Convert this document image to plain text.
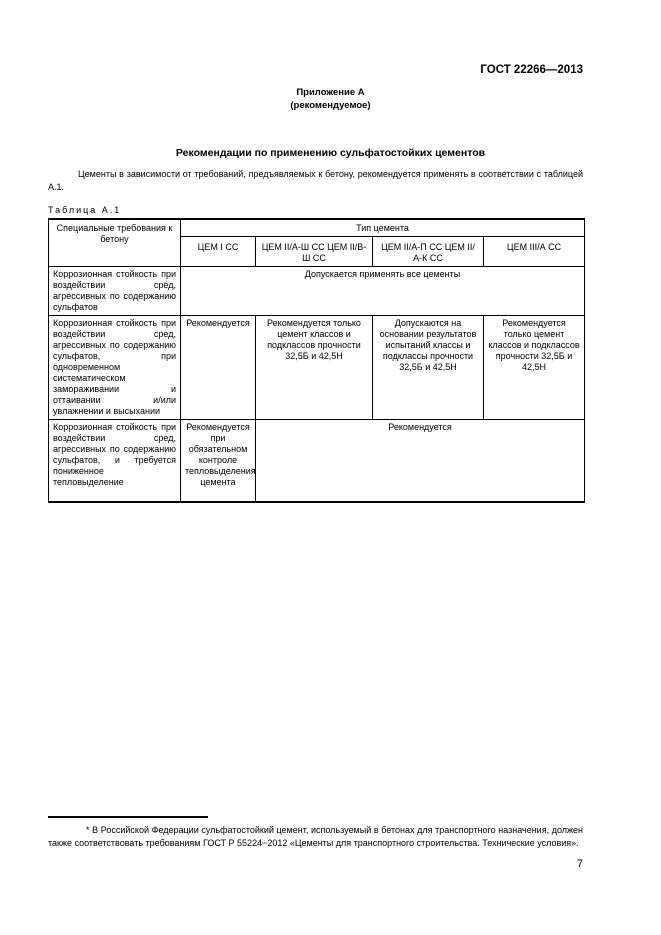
ГОСТ 22266—2013
Приложение А
(рекомендуемое)
Рекомендации по применению сульфатостойких цементов
Цементы в зависимости от требований, предъявляемых к бетону, рекомендуется применять в соответствии с таблицей А.1.
Таблица А.1
Специальные требования к бетону	Тип цемента			
	ЦЕМ I СС	ЦЕМ II/А-Ш СС ЦЕМ II/В-Ш СС	ЦЕМ II/А-П СС ЦЕМ II/А-К СС	ЦЕМ III/А СС
Коррозионная стойкость при воздействии сред, агрессивных по содержанию сульфатов	Допускается применять все цементы			
Коррозионная стойкость при воздействии сред, агрессивных по содержанию сульфатов, при одновременном систематическом замораживании и оттаивании и/или увлажнении и высыхании	Рекомендуется	Рекомендуется только цемент классов и подклассов прочности 32,5Б и 42,5Н	Допускаются на основании результатов испытаний классы и подклассы прочности 32,5Б и 42,5Н	Рекомендуется только цемент классов и подклассов прочности 32,5Б и 42,5Н
Коррозионная стойкость при воздействии сред, агрессивных по содержанию сульфатов, и требуется пониженное тепловыделение	Рекомендуется при обязательном контроле тепловыделения цемента	Рекомендуется		
* В Российской Федерации сульфатостойкий цемент, используемый в бетонах для транспортного назначения, должен также соответствовать требованиям ГОСТ Р 55224−2012 «Цементы для транспортного строительства. Технические условия».
7
